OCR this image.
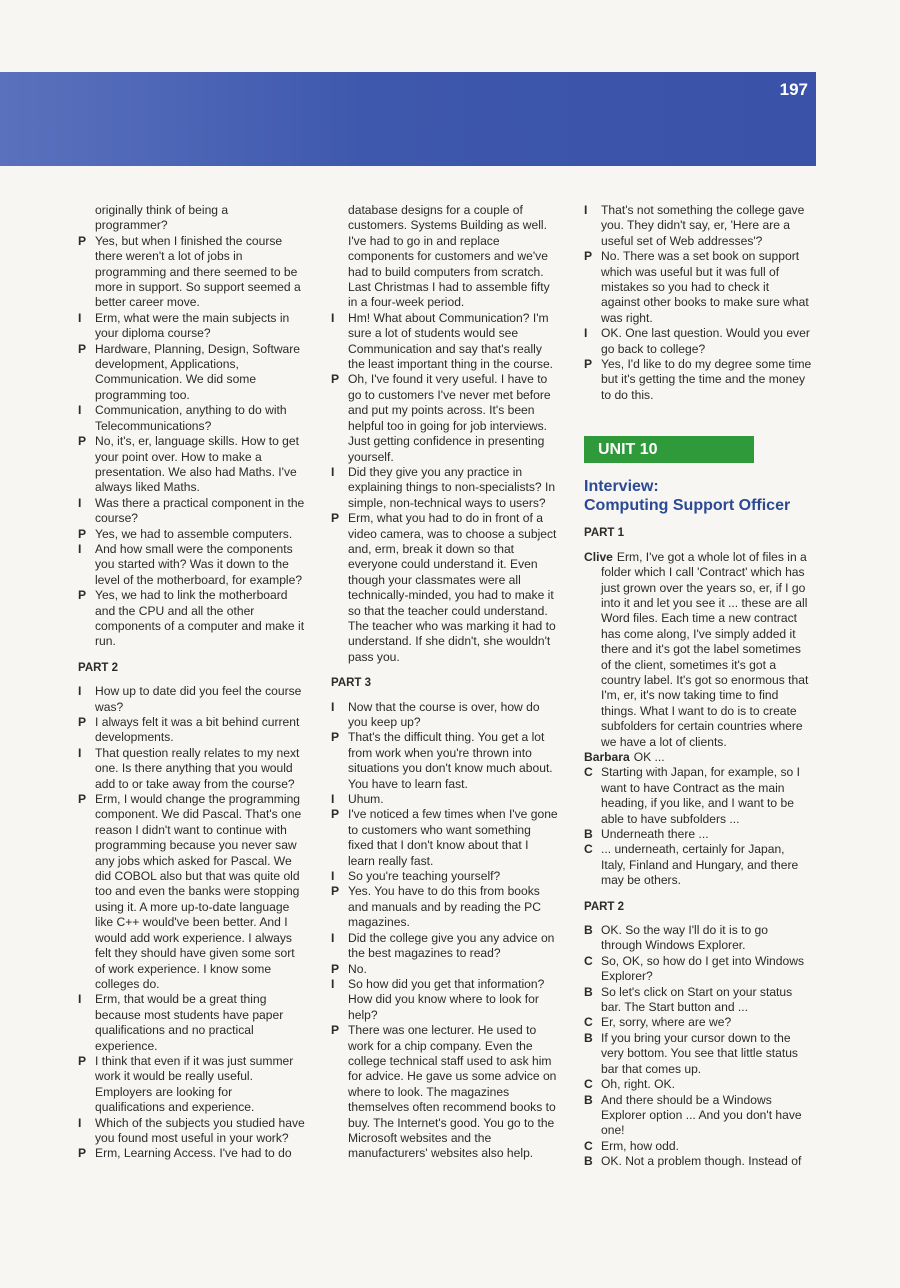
197
originally think of being a
programmer?
P Yes, but when I finished the course
there weren't a lot of jobs in
programming and there seemed to be
more in support. So support seemed a
better career move.
I Erm, what were the main subjects in
your diploma course?
P Hardware, Planning, Design, Software
development, Applications,
Communication. We did some
programming too.
I Communication, anything to do with
Telecommunications?
P No, it's, er, language skills. How to get
your point over. How to make a
presentation. We also had Maths. I've
always liked Maths.
I Was there a practical component in the
course?
P Yes, we had to assemble computers.
I And how small were the components
you started with? Was it down to the
level of the motherboard, for example?
P Yes, we had to link the motherboard
and the CPU and all the other
components of a computer and make it
run.
PART 2
I How up to date did you feel the course
was?
P I always felt it was a bit behind current
developments.
I That question really relates to my next
one. Is there anything that you would
add to or take away from the course?
P Erm, I would change the programming
component. We did Pascal. That's one
reason I didn't want to continue with
programming because you never saw
any jobs which asked for Pascal. We
did COBOL also but that was quite old
too and even the banks were stopping
using it. A more up-to-date language
like C++ would've been better. And I
would add work experience. I always
felt they should have given some sort
of work experience. I know some
colleges do.
I Erm, that would be a great thing
because most students have paper
qualifications and no practical
experience.
P I think that even if it was just summer
work it would be really useful.
Employers are looking for
qualifications and experience.
I Which of the subjects you studied have
you found most useful in your work?
P Erm, Learning Access. I've had to do
database designs for a couple of
customers. Systems Building as well.
I've had to go in and replace
components for customers and we've
had to build computers from scratch.
Last Christmas I had to assemble fifty
in a four-week period.
I Hm! What about Communication? I'm
sure a lot of students would see
Communication and say that's really
the least important thing in the course.
P Oh, I've found it very useful. I have to
go to customers I've never met before
and put my points across. It's been
helpful too in going for job interviews.
Just getting confidence in presenting
yourself.
I Did they give you any practice in
explaining things to non-specialists? In
simple, non-technical ways to users?
P Erm, what you had to do in front of a
video camera, was to choose a subject
and, erm, break it down so that
everyone could understand it. Even
though your classmates were all
technically-minded, you had to make it
so that the teacher could understand.
The teacher who was marking it had to
understand. If she didn't, she wouldn't
pass you.
PART 3
I Now that the course is over, how do
you keep up?
P That's the difficult thing. You get a lot
from work when you're thrown into
situations you don't know much about.
You have to learn fast.
I Uhum.
P I've noticed a few times when I've gone
to customers who want something
fixed that I don't know about that I
learn really fast.
I So you're teaching yourself?
P Yes. You have to do this from books
and manuals and by reading the PC
magazines.
I Did the college give you any advice on
the best magazines to read?
P No.
I So how did you get that information?
How did you know where to look for
help?
P There was one lecturer. He used to
work for a chip company. Even the
college technical staff used to ask him
for advice. He gave us some advice on
where to look. The magazines
themselves often recommend books to
buy. The Internet's good. You go to the
Microsoft websites and the
manufacturers' websites also help.
I That's not something the college gave
you. They didn't say, er, 'Here are a
useful set of Web addresses'?
P No. There was a set book on support
which was useful but it was full of
mistakes so you had to check it
against other books to make sure what
was right.
I OK. One last question. Would you ever
go back to college?
P Yes, I'd like to do my degree some time
but it's getting the time and the money
to do this.
UNIT 10
Interview:
Computing Support Officer
PART 1
Clive Erm, I've got a whole lot of files in a
folder which I call 'Contract' which has
just grown over the years so, er, if I go
into it and let you see it ... these are all
Word files. Each time a new contract
has come along, I've simply added it
there and it's got the label sometimes
of the client, sometimes it's got a
country label. It's got so enormous that
I'm, er, it's now taking time to find
things. What I want to do is to create
subfolders for certain countries where
we have a lot of clients.
Barbara OK ...
C Starting with Japan, for example, so I
want to have Contract as the main
heading, if you like, and I want to be
able to have subfolders ...
B Underneath there ...
C ... underneath, certainly for Japan,
Italy, Finland and Hungary, and there
may be others.
PART 2
B OK. So the way I'll do it is to go
through Windows Explorer.
C So, OK, so how do I get into Windows
Explorer?
B So let's click on Start on your status
bar. The Start button and ...
C Er, sorry, where are we?
B If you bring your cursor down to the
very bottom. You see that little status
bar that comes up.
C Oh, right. OK.
B And there should be a Windows
Explorer option ... And you don't have
one!
C Erm, how odd.
B OK. Not a problem though. Instead of
